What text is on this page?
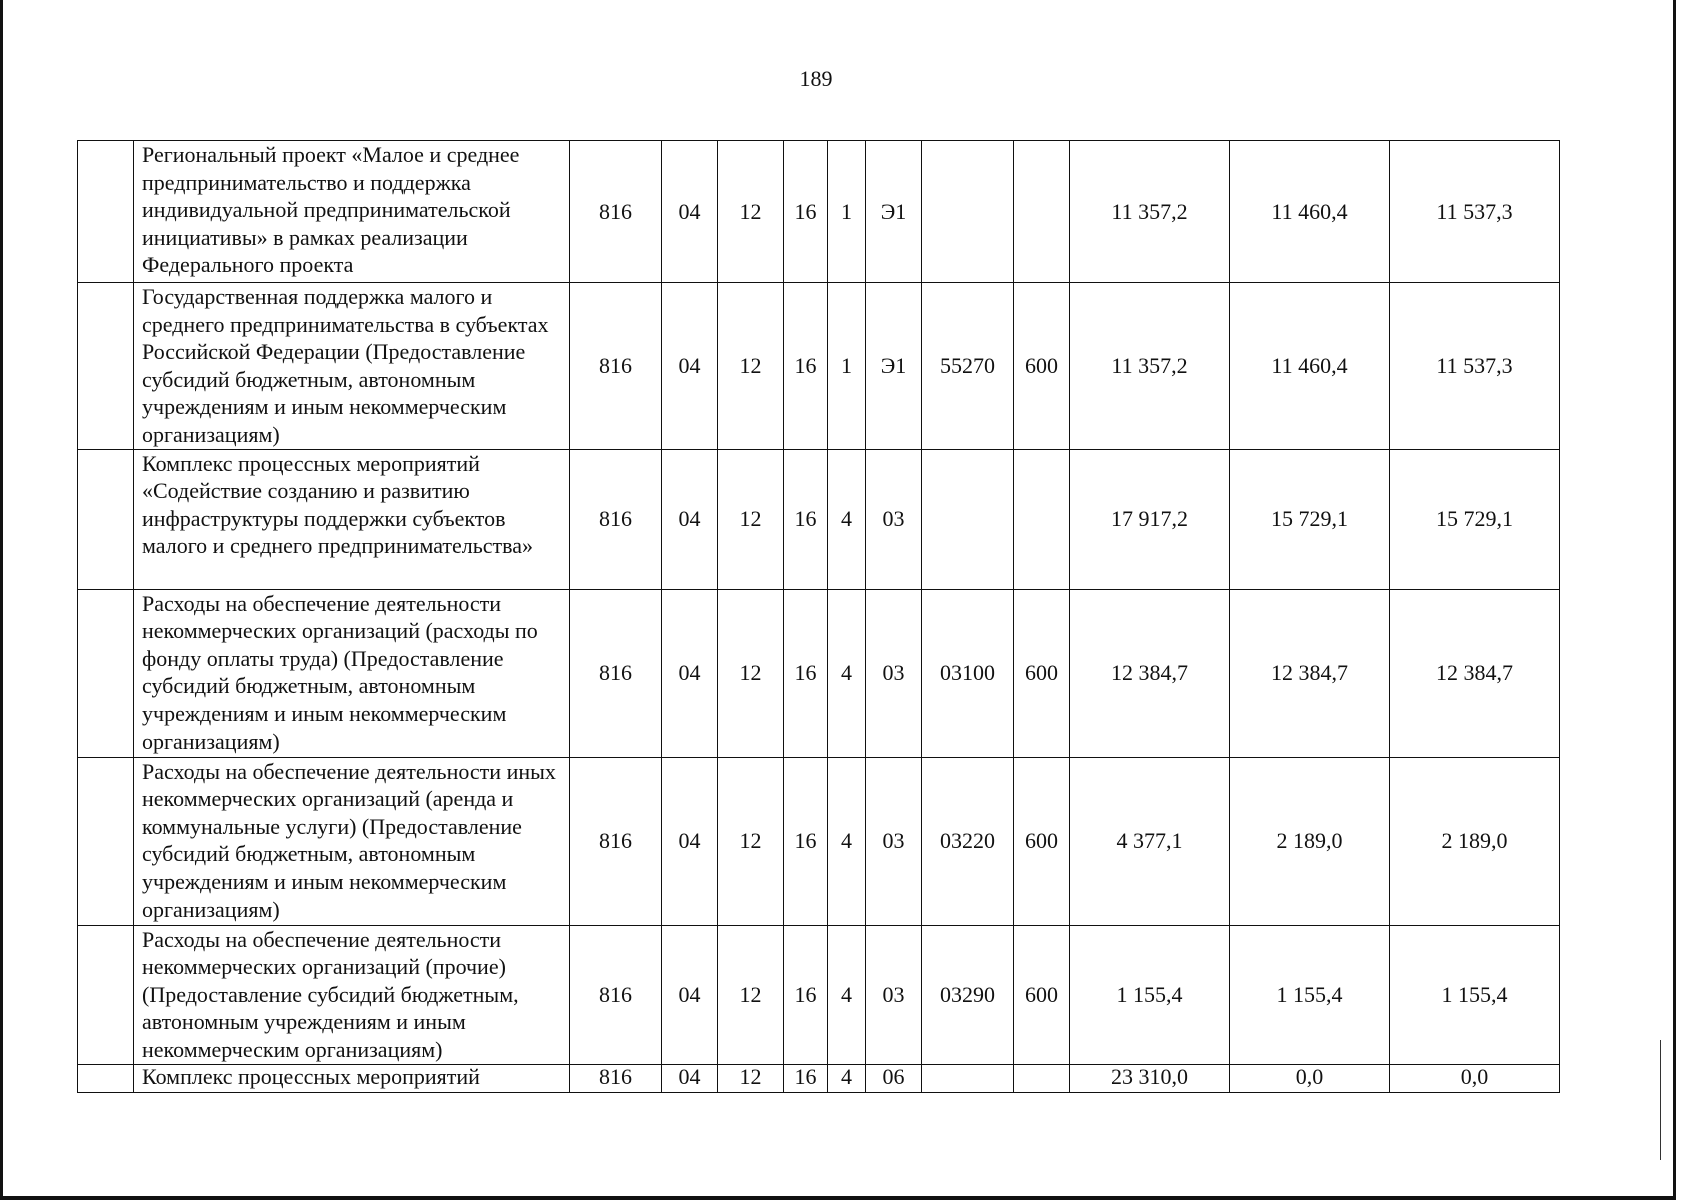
189
	Региональный проект «Малое и среднее предпринимательство и поддержка индивидуальной предпринимательской инициативы» в рамках реализации Федерального проекта	816	04	12	16	1	Э1			11 357,2	11 460,4	11 537,3
	Государственная поддержка малого и среднего предпринимательства в субъектах Российской Федерации (Предоставление субсидий бюджетным, автономным учреждениям и иным некоммерческим организациям)	816	04	12	16	1	Э1	55270	600	11 357,2	11 460,4	11 537,3
	Комплекс процессных мероприятий «Содействие созданию и развитию инфраструктуры поддержки субъектов малого и среднего предпринимательства»	816	04	12	16	4	03			17 917,2	15 729,1	15 729,1
	Расходы на обеспечение деятельности некоммерческих организаций (расходы по фонду оплаты труда) (Предоставление субсидий бюджетным, автономным учреждениям и иным некоммерческим организациям)	816	04	12	16	4	03	03100	600	12 384,7	12 384,7	12 384,7
	Расходы на обеспечение деятельности иных некоммерческих организаций (аренда и коммунальные услуги) (Предоставление субсидий бюджетным, автономным учреждениям и иным некоммерческим организациям)	816	04	12	16	4	03	03220	600	4 377,1	2 189,0	2 189,0
	Расходы на обеспечение деятельности некоммерческих организаций (прочие) (Предоставление субсидий бюджетным, автономным учреждениям и иным некоммерческим организациям)	816	04	12	16	4	03	03290	600	1 155,4	1 155,4	1 155,4
	Комплекс процессных мероприятий	816	04	12	16	4	06			23 310,0	0,0	0,0
